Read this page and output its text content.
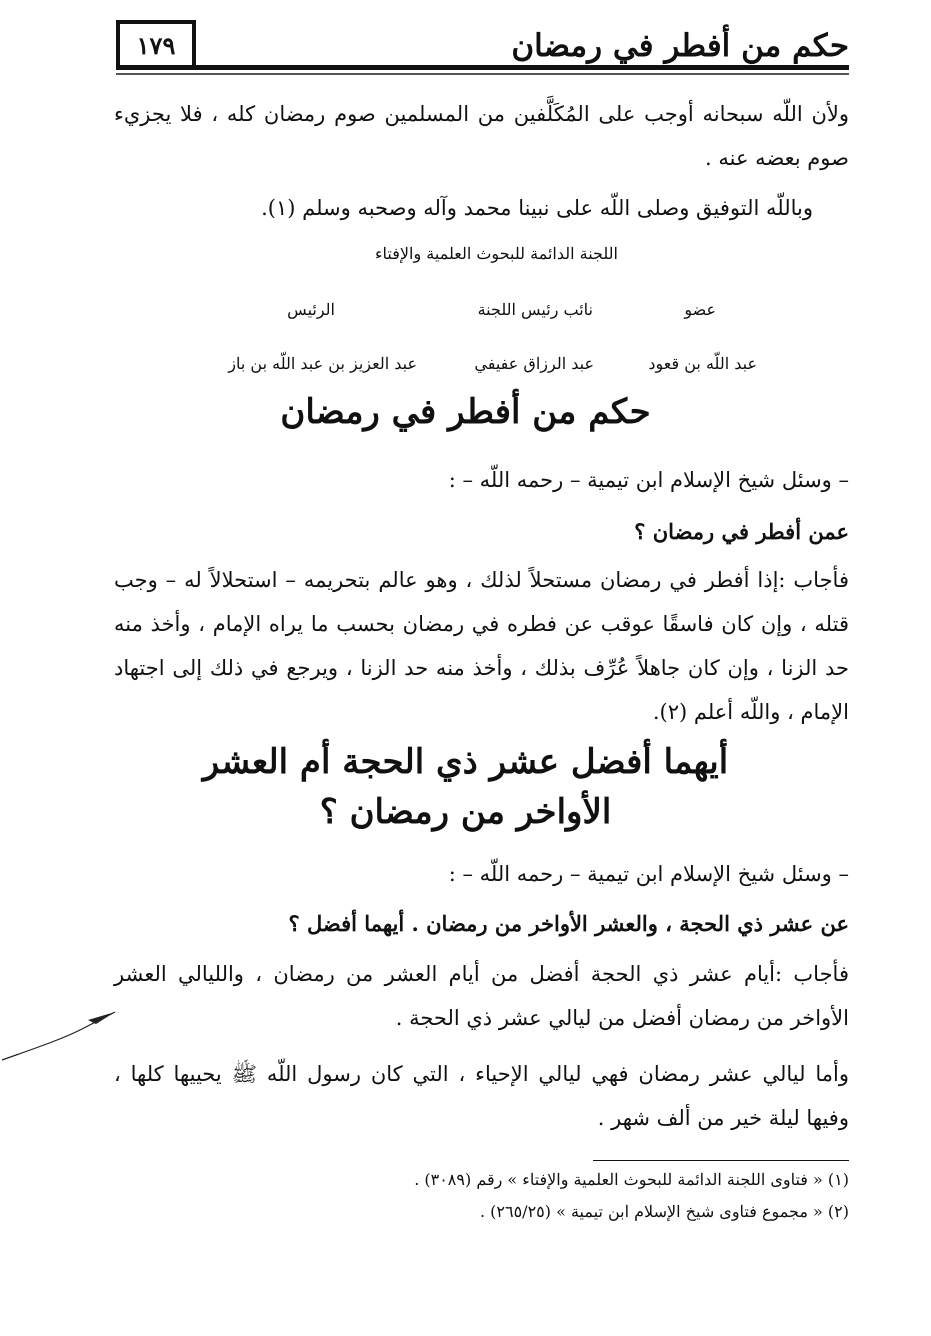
حكم من أفطر في رمضان
١٧٩
ولأن اللّه سبحانه أوجب على المُكَلَّفين من المسلمين صوم رمضان كله ، فلا يجزيء صوم بعضه عنه .
وباللّه التوفيق وصلى اللّه على نبينا محمد وآله وصحبه وسلم (١).
اللجنة الدائمة للبحوث العلمية والإفتاء
عضو
نائب رئيس اللجنة
الرئيس
عبد اللّه بن قعود
عبد الرزاق عفيفي
عبد العزيز بن عبد اللّه بن باز
حكم من أفطر في رمضان
– وسئل شيخ الإسلام ابن تيمية – رحمه اللّه – :
عمن أفطر في رمضان ؟
فأجاب :إذا أفطر في رمضان مستحلاً لذلك ، وهو عالم بتحريمه – استحلالاً له – وجب قتله ، وإن كان فاسقًا عوقب عن فطره في رمضان بحسب ما يراه الإمام ، وأخذ منه حد الزنا ، وإن كان جاهلاً عُرِّف بذلك ، وأخذ منه حد الزنا ، ويرجع في ذلك إلى اجتهاد الإمام ، واللّه أعلم (٢).
أيهما أفضل عشر ذي الحجة أم العشر
الأواخر من رمضان ؟
– وسئل شيخ الإسلام ابن تيمية – رحمه اللّه – :
عن عشر ذي الحجة ، والعشر الأواخر من رمضان . أيهما أفضل ؟
فأجاب :أيام عشر ذي الحجة أفضل من أيام العشر من رمضان ، والليالي العشر الأواخر من رمضان أفضل من ليالي عشر ذي الحجة .
وأما ليالي عشر رمضان فهي ليالي الإحياء ، التي كان رسول اللّه ﷺ يحييها كلها ، وفيها ليلة خير من ألف شهر .
(١) « فتاوى اللجنة الدائمة للبحوث العلمية والإفتاء » رقم (٣٠٨٩) .
(٢) « مجموع فتاوى شيخ الإسلام ابن تيمية » (٢٦٥/٢٥) .
